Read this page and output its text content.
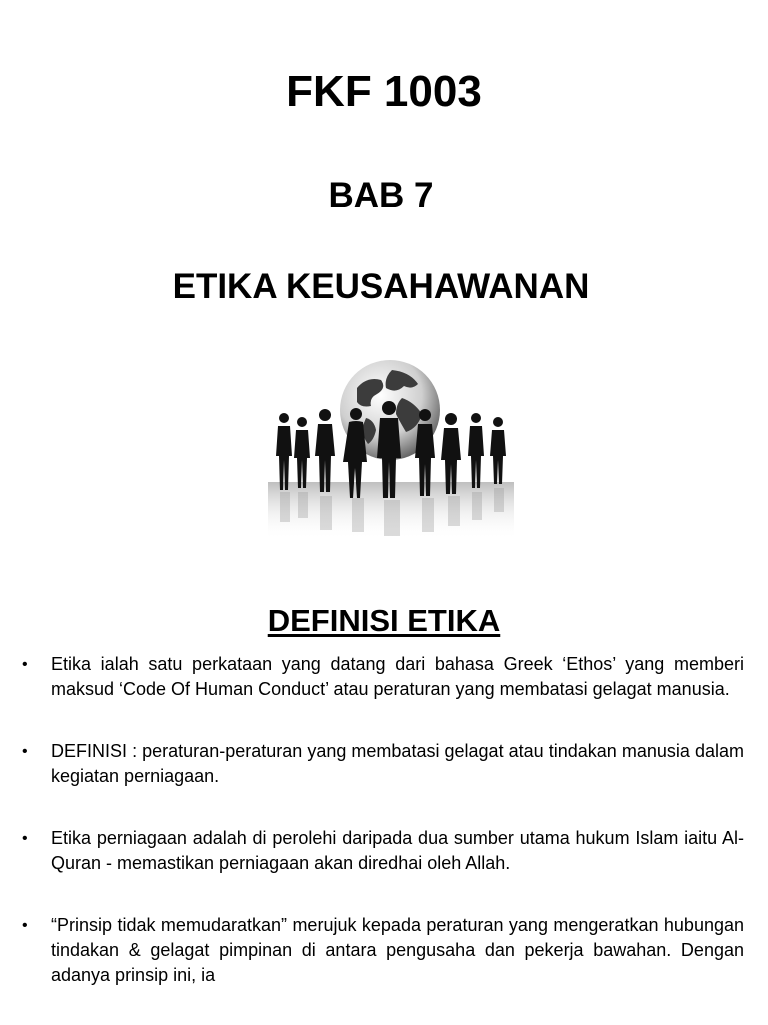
FKF 1003
BAB 7
ETIKA KEUSAHAWANAN
DEFINISI ETIKA
• Etika ialah satu perkataan yang datang dari bahasa Greek ‘Ethos’ yang memberi maksud ‘Code Of Human Conduct’ atau peraturan yang membatasi gelagat manusia.
• DEFINISI : peraturan-peraturan yang membatasi gelagat atau tindakan manusia dalam kegiatan perniagaan.
• Etika perniagaan adalah di perolehi daripada dua sumber utama hukum Islam iaitu Al-Quran - memastikan perniagaan akan diredhai oleh Allah.
• “Prinsip tidak memudaratkan” merujuk kepada peraturan yang mengeratkan hubungan tindakan & gelagat pimpinan di antara pengusaha dan pekerja bawahan. Dengan adanya prinsip ini, ia
